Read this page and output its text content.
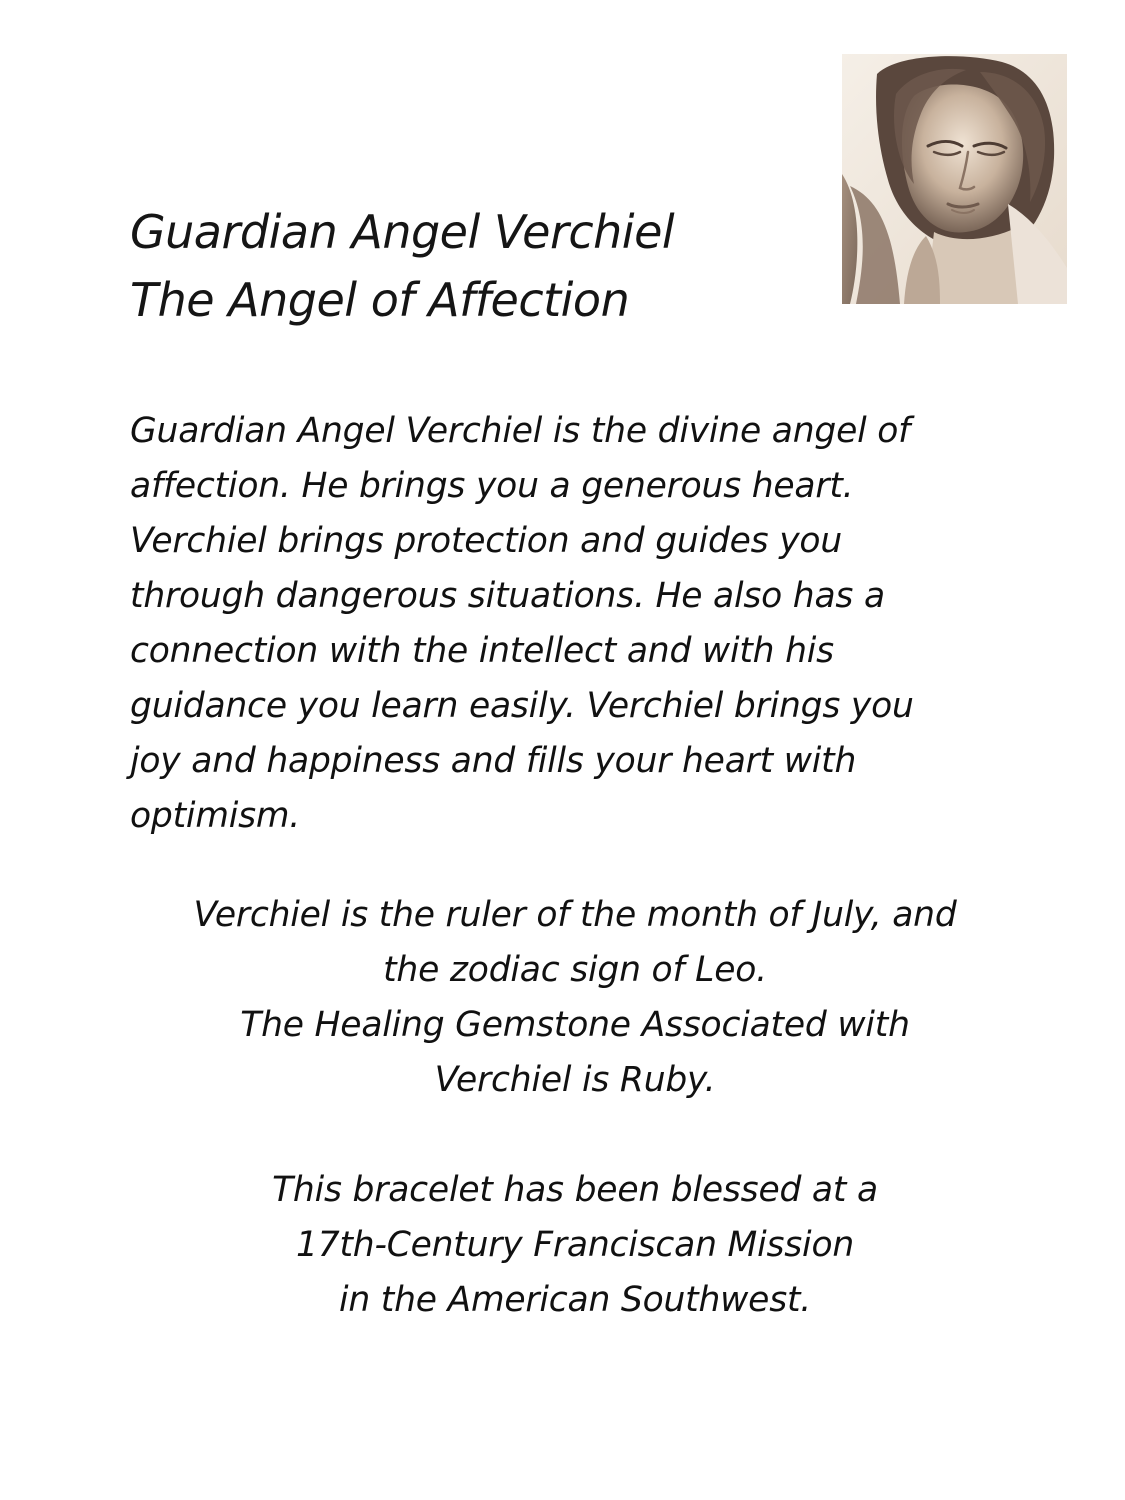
Guardian Angel Verchiel
The Angel of Affection
Guardian Angel Verchiel is the divine angel of
affection. He brings you a generous heart.
Verchiel brings protection and guides you
through dangerous situations. He also has a
connection with the intellect and with his
guidance you learn easily. Verchiel brings you
joy and happiness and fills your heart with
optimism.
Verchiel is the ruler of the month of July, and
the zodiac sign of Leo.
The Healing Gemstone Associated with
Verchiel is Ruby.
This bracelet has been blessed at a
17th-Century Franciscan Mission
in the American Southwest.
